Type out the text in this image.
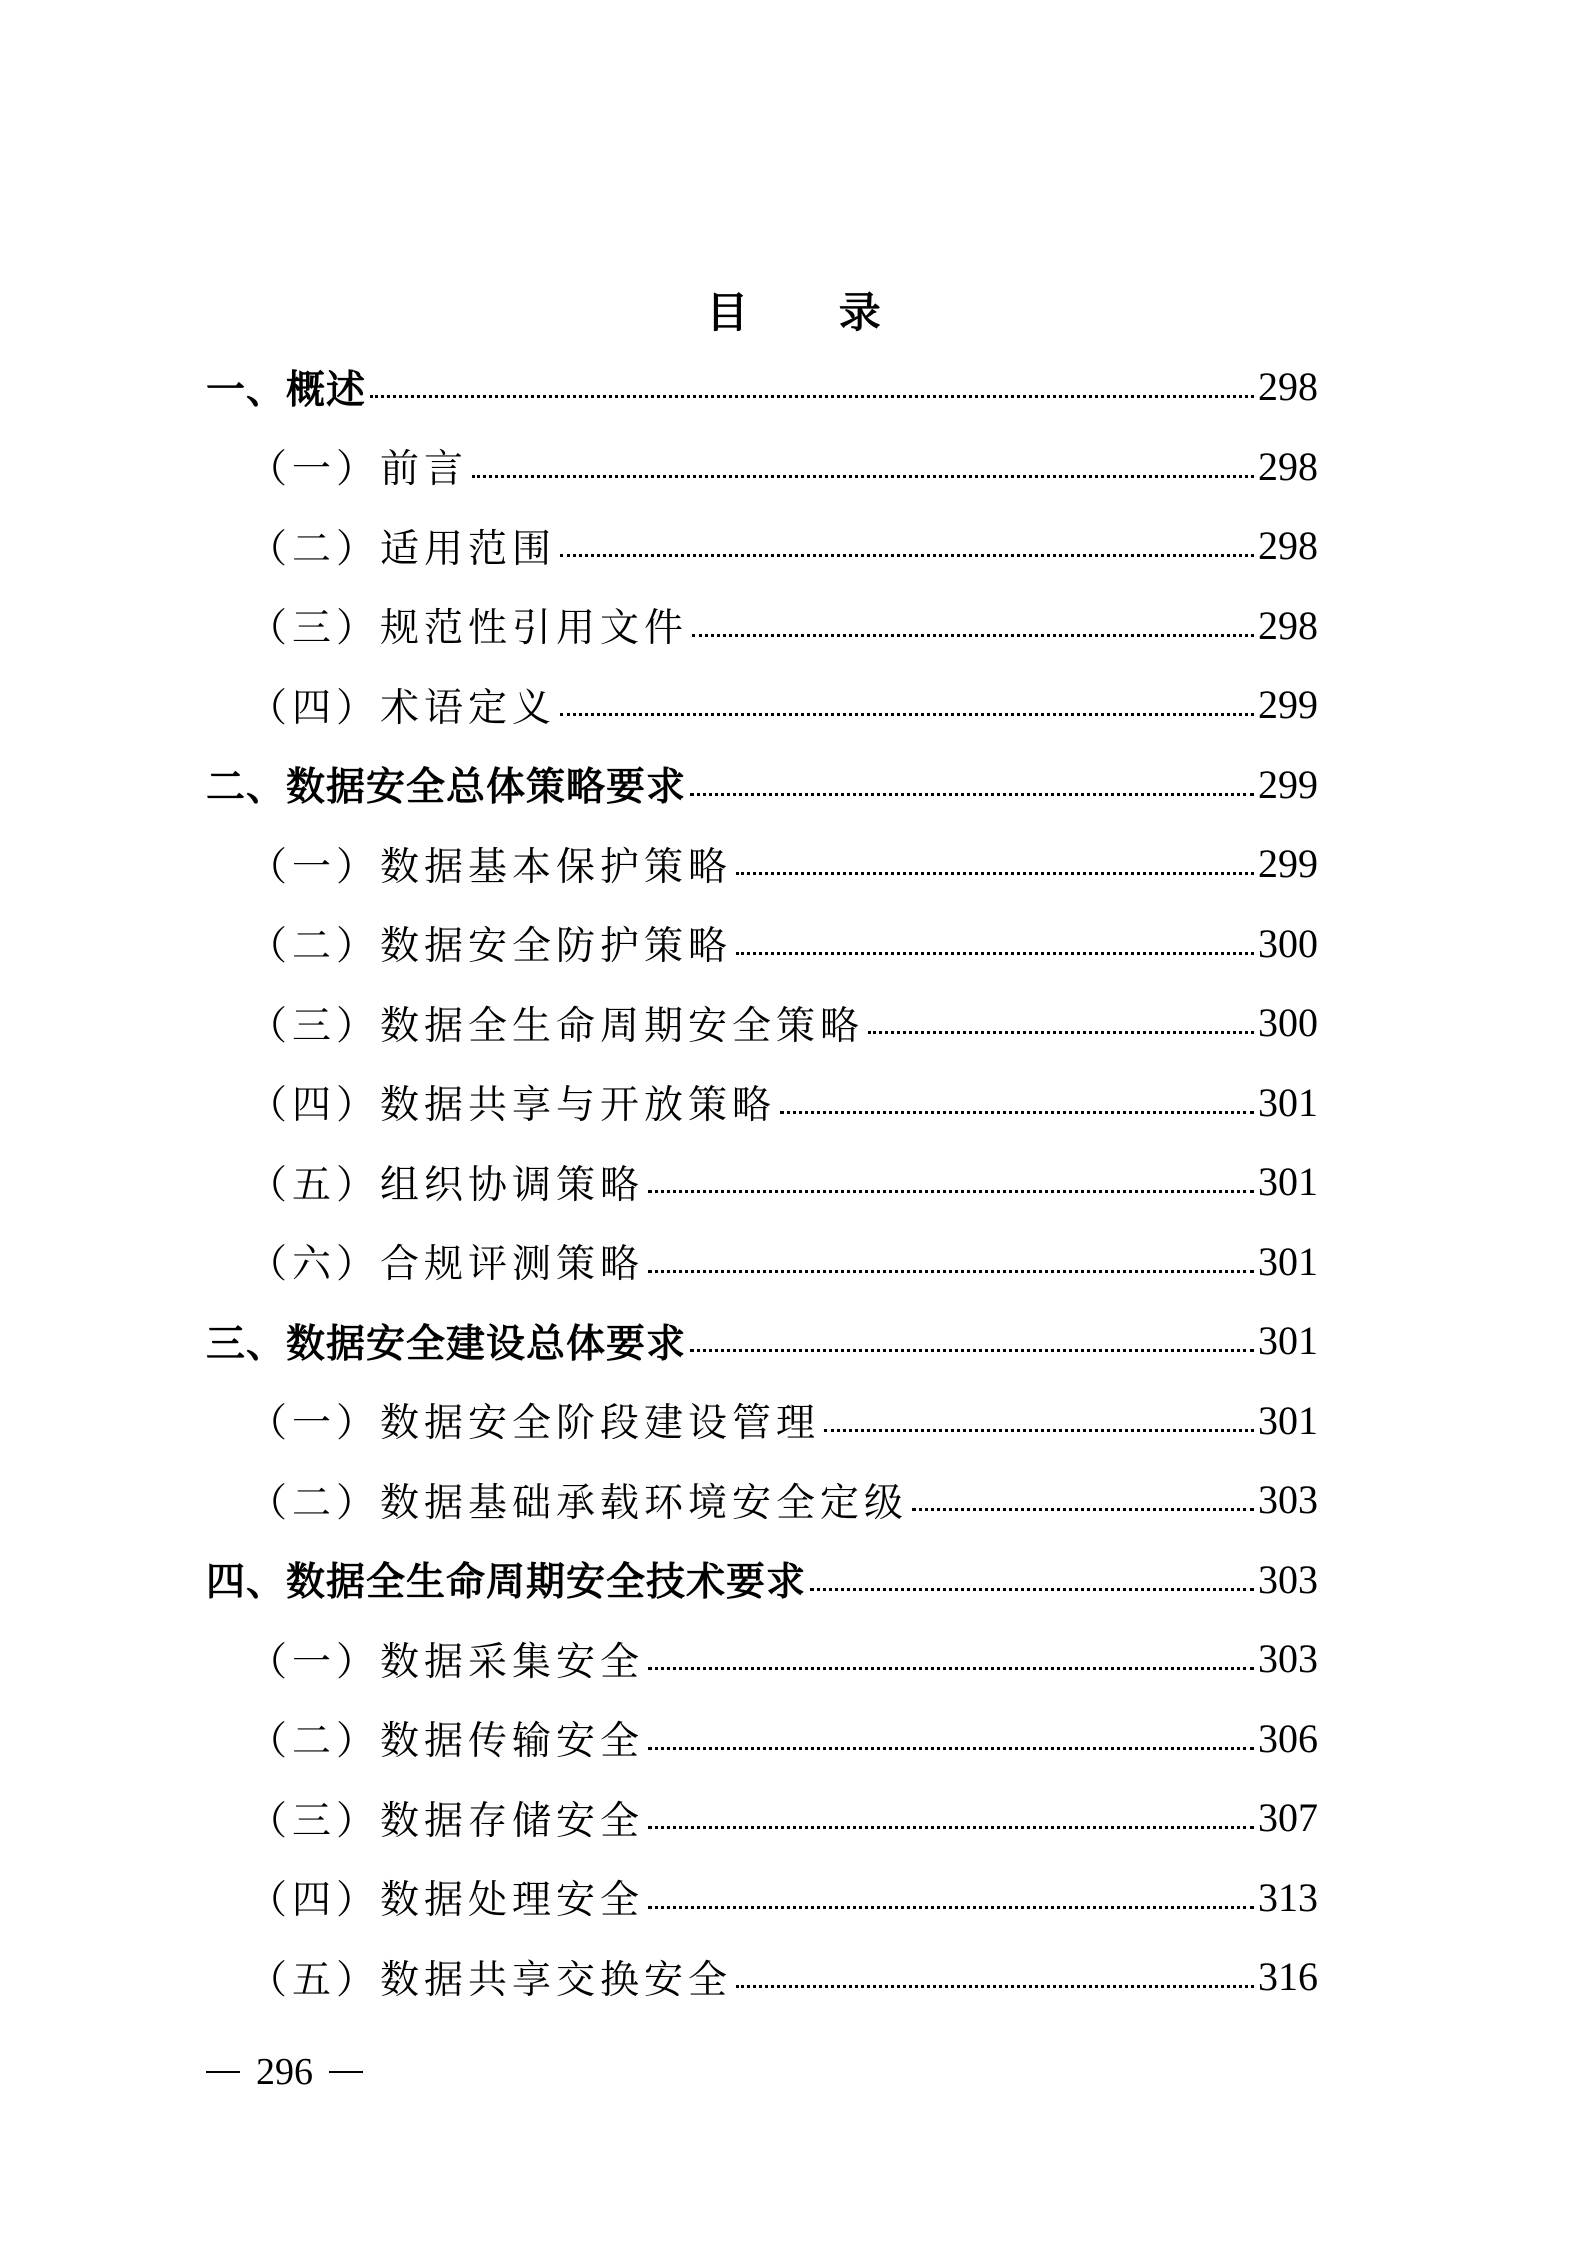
目 录
一、概述	298
（一）前言	298
（二）适用范围	298
（三）规范性引用文件	298
（四）术语定义	299
二、数据安全总体策略要求	299
（一）数据基本保护策略	299
（二）数据安全防护策略	300
（三）数据全生命周期安全策略	300
（四）数据共享与开放策略	301
（五）组织协调策略	301
（六）合规评测策略	301
三、数据安全建设总体要求	301
（一）数据安全阶段建设管理	301
（二）数据基础承载环境安全定级	303
四、数据全生命周期安全技术要求	303
（一）数据采集安全	303
（二）数据传输安全	306
（三）数据存储安全	307
（四）数据处理安全	313
（五）数据共享交换安全	316
296
